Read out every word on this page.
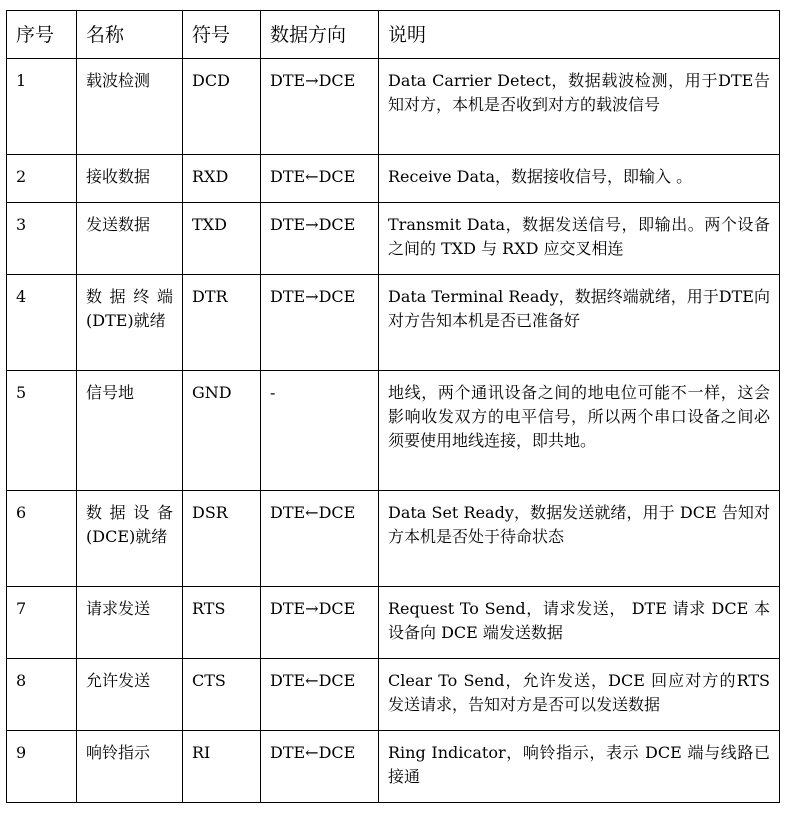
序号	名称	符号	数据方向	说明
1	载波检测	DCD	DTE→DCE	Data Carrier Detect，数据载波检测，用于DTE告知对方，本机是否收到对方的载波信号
2	接收数据	RXD	DTE←DCE	Receive Data，数据接收信号，即输入 。
3	发送数据	TXD	DTE→DCE	Transmit Data，数据发送信号，即输出。两个设备之间的 TXD 与 RXD 应交叉相连
4	数据终端(DTE)就绪	DTR	DTE→DCE	Data Terminal Ready，数据终端就绪，用于DTE向对方告知本机是否已准备好
5	信号地	GND	-	地线，两个通讯设备之间的地电位可能不一样，这会影响收发双方的电平信号，所以两个串口设备之间必须要使用地线连接，即共地。
6	数据设备(DCE)就绪	DSR	DTE←DCE	Data Set Ready，数据发送就绪，用于 DCE 告知对方本机是否处于待命状态
7	请求发送	RTS	DTE→DCE	Request To Send，请求发送， DTE 请求 DCE 本设备向 DCE 端发送数据
8	允许发送	CTS	DTE←DCE	Clear To Send，允许发送，DCE 回应对方的RTS 发送请求，告知对方是否可以发送数据
9	响铃指示	RI	DTE←DCE	Ring Indicator，响铃指示，表示 DCE 端与线路已接通
